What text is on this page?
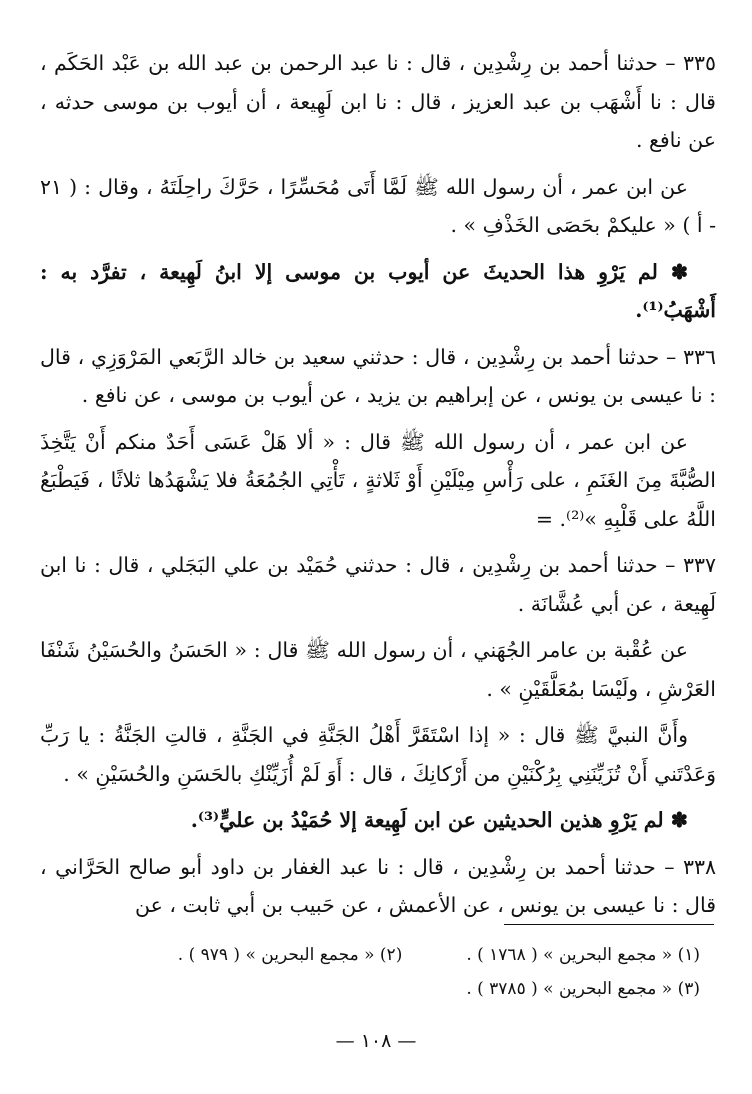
٣٣٥ – حدثنا أحمد بن رِشْدِين ، قال : نا عبد الرحمن بن عبد الله بن عَبْد الحَكَم ، قال : نا أَشْهَب بن عبد العزيز ، قال : نا ابن لَهِيعة ، أن أيوب بن موسى حدثه ، عن نافع .

عن ابن عمر ، أن رسول الله ﷺ لَمَّا أَتَى مُحَسِّرًا ، حَرَّكَ راحِلَتَهُ ، وقال : ( ٢١ - أ ) « عليكمْ بحَصَى الخَذْفِ » .

✽ لم يَرْوِ هذا الحديثَ عن أيوب بن موسى إلا ابنُ لَهِيعة ، تفرَّد به : أَشْهَبُ⁽¹⁾.

٣٣٦ – حدثنا أحمد بن رِشْدِين ، قال : حدثني سعيد بن خالد الرَّبَعي المَرْوَزِي ، قال : نا عيسى بن يونس ، عن إبراهيم بن يزيد ، عن أيوب بن موسى ، عن نافع .

عن ابن عمر ، أن رسول الله ﷺ قال : « ألا هَلْ عَسَى أَحَدٌ منكم أَنْ يَتَّخِذَ الصُّبَّةَ مِنَ الغَنَمِ ، على رَأْسِ مِيْلَيْنِ أَوْ ثَلاثةٍ ، تَأْتِي الجُمُعَةُ فلا يَشْهَدُها ثلاثًا ، فَيَطْبَعُ اللَّهُ على قَلْبِهِ »⁽²⁾. =

٣٣٧ – حدثنا أحمد بن رِشْدِين ، قال : حدثني حُمَيْد بن علي البَجَلي ، قال : نا ابن لَهِيعة ، عن أبي عُشَّانَة .

عن عُقْبة بن عامر الجُهَني ، أن رسول الله ﷺ قال : « الحَسَنُ والحُسَيْنُ شَنْفَا العَرْشِ ، ولَيْسَا بمُعَلَّقَيْنِ » .

وأَنَّ النبيَّ ﷺ قال : « إذا اسْتَقَرَّ أَهْلُ الجَنَّةِ في الجَنَّةِ ، قالتِ الجَنَّةُ : يا رَبِّ وَعَدْتَني أَنْ تُزَيِّنَنِي بِرُكْنَيْنِ من أَرْكانِكَ ، قال : أَوَ لَمْ أُزَيِّنْكِ بالحَسَنِ والحُسَيْنِ » .

✽ لم يَرْوِ هذين الحديثين عن ابن لَهِيعة إلا حُمَيْدُ بن عليٍّ⁽³⁾.

٣٣٨ – حدثنا أحمد بن رِشْدِين ، قال : نا عبد الغفار بن داود أبو صالح الحَرَّاني ، قال : نا عيسى بن يونس ، عن الأعمش ، عن حَبيب بن أبي ثابت ، عن

(١) « مجمع البحرين » ( ١٧٦٨ ) .
(٢) « مجمع البحرين » ( ٩٧٩ ) .
(٣) « مجمع البحرين » ( ٣٧٨٥ ) .
— ١٠٨ —
